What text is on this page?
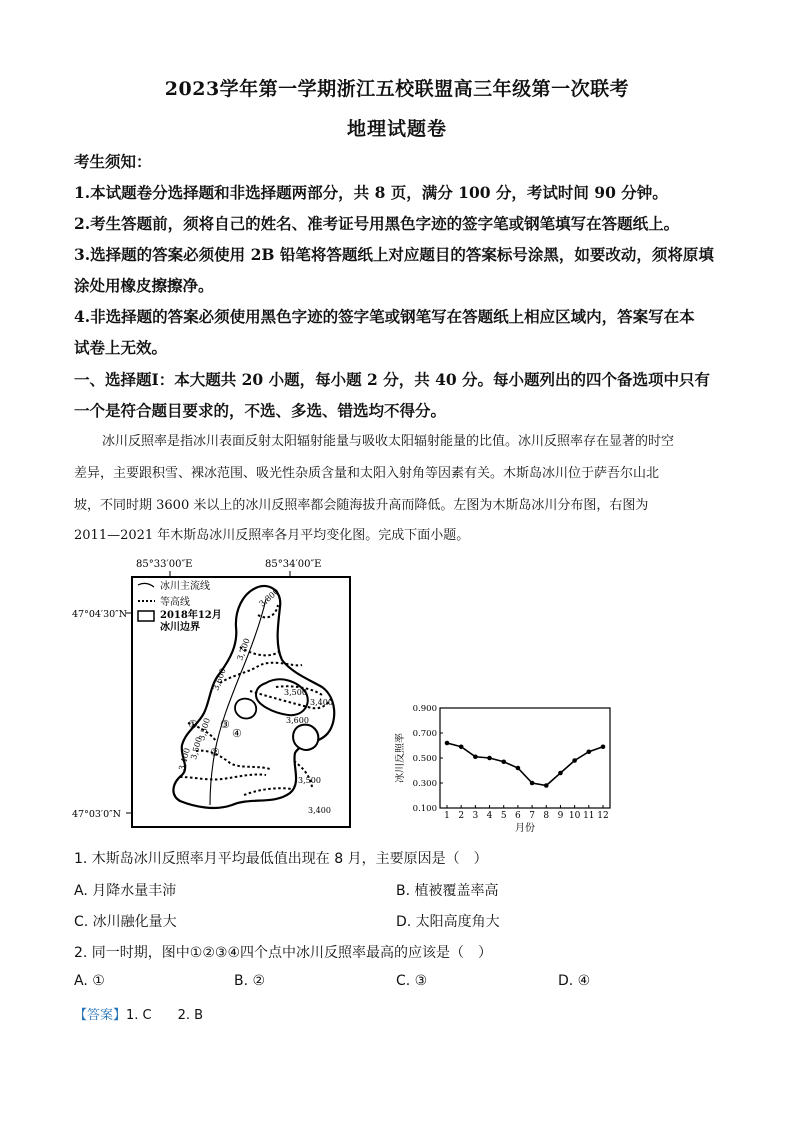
2023学年第一学期浙江五校联盟高三年级第一次联考
地理试题卷
考生须知：
1.本试题卷分选择题和非选择题两部分，共 8 页，满分 100 分，考试时间 90 分钟。
2.考生答题前，须将自己的姓名、准考证号用黑色字迹的签字笔或钢笔填写在答题纸上。
3.选择题的答案必须使用 2B 铅笔将答题纸上对应题目的答案标号涂黑，如要改动，须将原填
涂处用橡皮擦擦净。
4.非选择题的答案必须使用黑色字迹的签字笔或钢笔写在答题纸上相应区域内，答案写在本
试卷上无效。
一、选择题Ⅰ：本大题共 20 小题，每小题 2 分，共 40 分。每小题列出的四个备选项中只有
一个是符合题目要求的，不选、多选、错选均不得分。
冰川反照率是指冰川表面反射太阳辐射能量与吸收太阳辐射能量的比值。冰川反照率存在显著的时空
差异，主要跟积雪、裸冰范围、吸光性杂质含量和太阳入射角等因素有关。木斯岛冰川位于萨吾尔山北
坡，不同时期 3600 米以上的冰川反照率都会随海拔升高而降低。左图为木斯岛冰川分布图，右图为
2011—2021 年木斯岛冰川反照率各月平均变化图。完成下面小题。
85°33′00″E	85°34′00″E
47°04′30″N
47°03′0″N
冰川主流线
等高线
2018年12月
冰川边界
3,800
3,700
3,600
3,500
3,400
3,600
3,500
3,500
3,400
3,500
3,400
①
②
③
④
0.900
0.700
0.500
0.300
0.100
1 2 3 4 5 6 7 8 9 10 11 12
冰川反照率
月份
1. 木斯岛冰川反照率月平均最低值出现在 8 月，主要原因是（　）
A. 月降水量丰沛	B. 植被覆盖率高
C. 冰川融化量大	D. 太阳高度角大
2. 同一时期，图中①②③④四个点中冰川反照率最高的应该是（　）
A. ①	B. ②	C. ③	D. ④
【答案】1. C　　2. B
